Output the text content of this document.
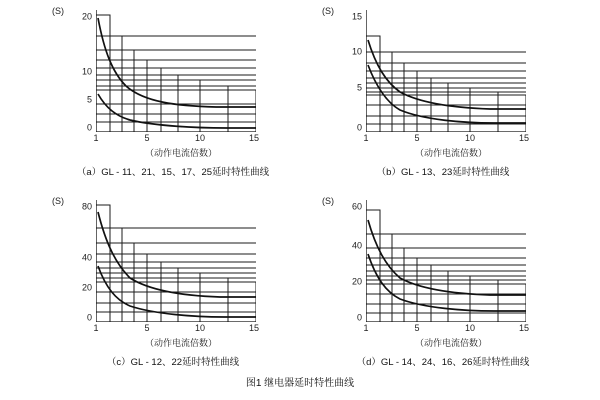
(S)
0
5
10
20
1	5	10	15
（动作电流倍数）
（a）GL - 11、21、15、17、25延时特性曲线
(S)
0
5
10
15
1	5	10	15
（动作电流倍数）
（b）GL - 13、23延时特性曲线
(S)
0
20
40
80
1	5	10	15
（动作电流倍数）
（c）GL - 12、22延时特性曲线
(S)
0
20
40
60
1	5	10	15
（动作电流倍数）
（d）GL - 14、24、16、26延时特性曲线
图1 继电器延时特性曲线
